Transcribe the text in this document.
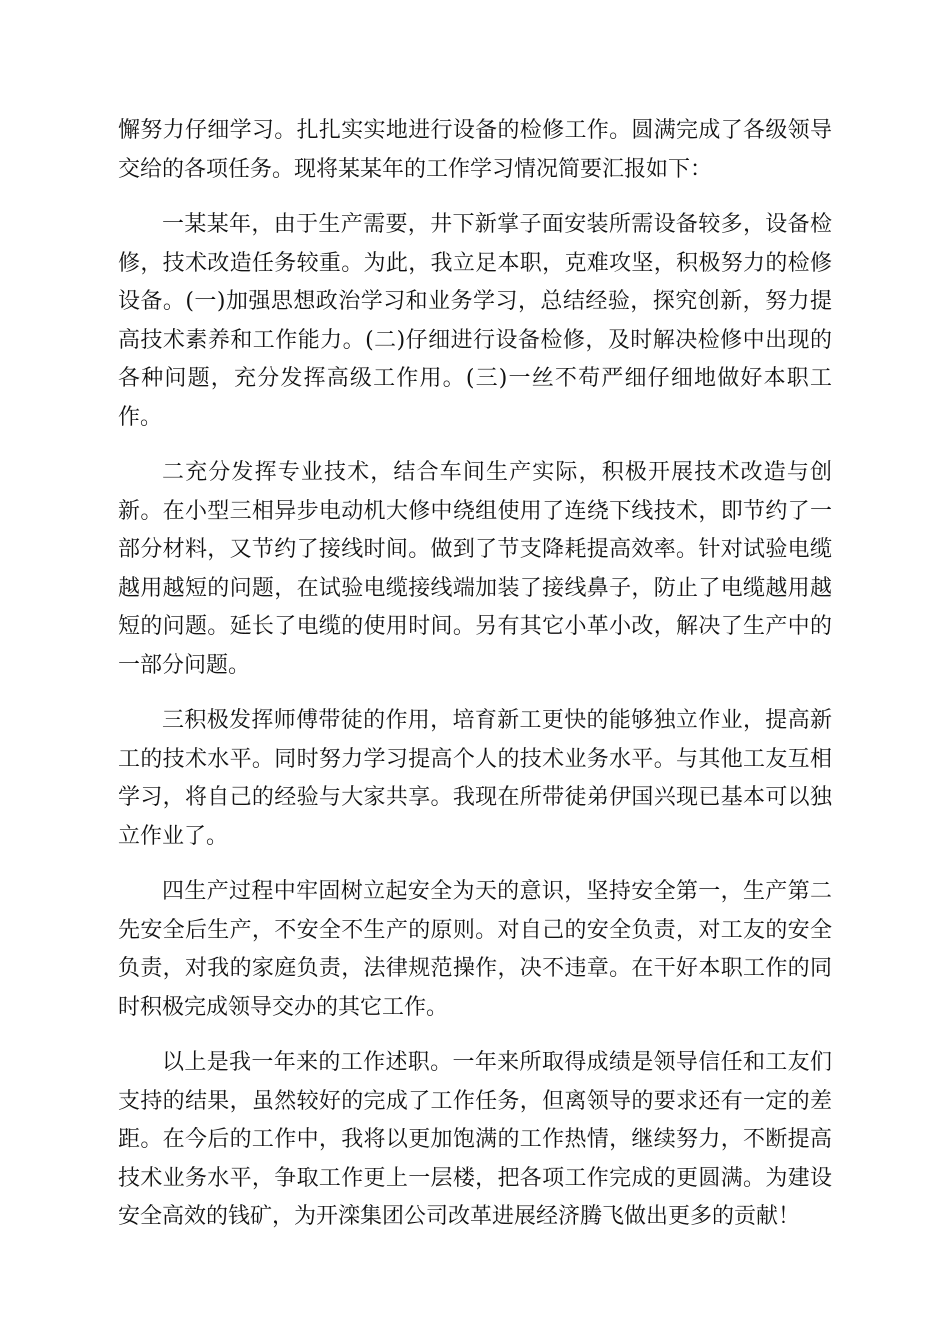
懈努力仔细学习。扎扎实实地进行设备的检修工作。圆满完成了各级领导交给的各项任务。现将某某年的工作学习情况简要汇报如下：

一某某年，由于生产需要，井下新掌子面安装所需设备较多，设备检修，技术改造任务较重。为此，我立足本职，克难攻坚，积极努力的检修设备。(一)加强思想政治学习和业务学习，总结经验，探究创新，努力提高技术素养和工作能力。(二)仔细进行设备检修，及时解决检修中出现的各种问题，充分发挥高级工作用。(三)一丝不苟严细仔细地做好本职工作。

二充分发挥专业技术，结合车间生产实际，积极开展技术改造与创新。在小型三相异步电动机大修中绕组使用了连绕下线技术，即节约了一部分材料，又节约了接线时间。做到了节支降耗提高效率。针对试验电缆越用越短的问题，在试验电缆接线端加装了接线鼻子，防止了电缆越用越短的问题。延长了电缆的使用时间。另有其它小革小改，解决了生产中的一部分问题。

三积极发挥师傅带徒的作用，培育新工更快的能够独立作业，提高新工的技术水平。同时努力学习提高个人的技术业务水平。与其他工友互相学习，将自己的经验与大家共享。我现在所带徒弟伊国兴现已基本可以独立作业了。

四生产过程中牢固树立起安全为天的意识，坚持安全第一，生产第二先安全后生产，不安全不生产的原则。对自己的安全负责，对工友的安全负责，对我的家庭负责，法律规范操作，决不违章。在干好本职工作的同时积极完成领导交办的其它工作。

以上是我一年来的工作述职。一年来所取得成绩是领导信任和工友们支持的结果，虽然较好的完成了工作任务，但离领导的要求还有一定的差距。在今后的工作中，我将以更加饱满的工作热情，继续努力，不断提高技术业务水平，争取工作更上一层楼，把各项工作完成的更圆满。为建设安全高效的钱矿，为开滦集团公司改革进展经济腾飞做出更多的贡献！
